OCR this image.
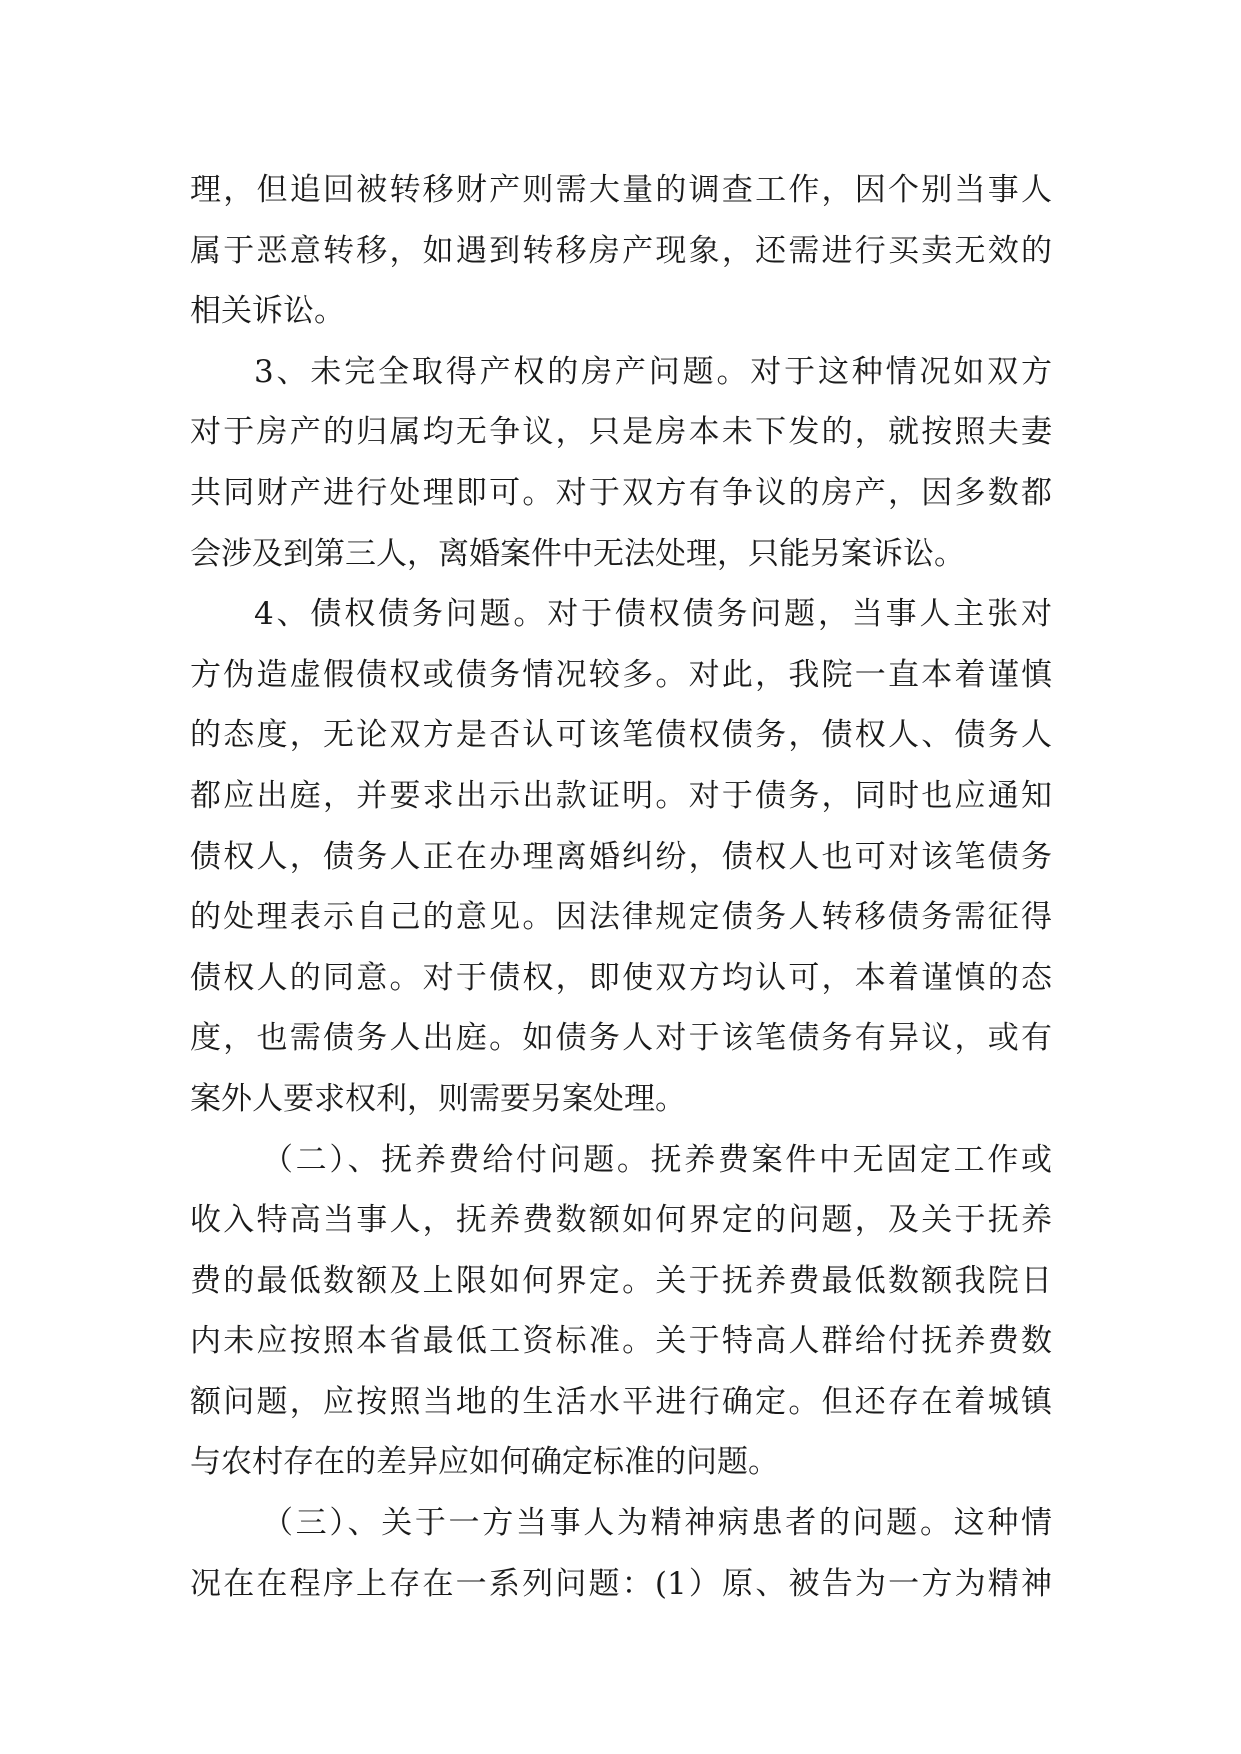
理，但追回被转移财产则需大量的调查工作，因个别当事人
属于恶意转移，如遇到转移房产现象，还需进行买卖无效的
相关诉讼。
3、未完全取得产权的房产问题。对于这种情况如双方
对于房产的归属均无争议，只是房本未下发的，就按照夫妻
共同财产进行处理即可。对于双方有争议的房产，因多数都
会涉及到第三人，离婚案件中无法处理，只能另案诉讼。
4、债权债务问题。对于债权债务问题，当事人主张对
方伪造虚假债权或债务情况较多。对此，我院一直本着谨慎
的态度，无论双方是否认可该笔债权债务，债权人、债务人
都应出庭，并要求出示出款证明。对于债务，同时也应通知
债权人，债务人正在办理离婚纠纷，债权人也可对该笔债务
的处理表示自己的意见。因法律规定债务人转移债务需征得
债权人的同意。对于债权，即使双方均认可，本着谨慎的态
度，也需债务人出庭。如债务人对于该笔债务有异议，或有
案外人要求权利，则需要另案处理。
（二）、抚养费给付问题。抚养费案件中无固定工作或
收入特高当事人，抚养费数额如何界定的问题，及关于抚养
费的最低数额及上限如何界定。关于抚养费最低数额我院日
内未应按照本省最低工资标准。关于特高人群给付抚养费数
额问题，应按照当地的生活水平进行确定。但还存在着城镇
与农村存在的差异应如何确定标准的问题。
（三）、关于一方当事人为精神病患者的问题。这种情
况在在程序上存在一系列问题：(1）原、被告为一方为精神
